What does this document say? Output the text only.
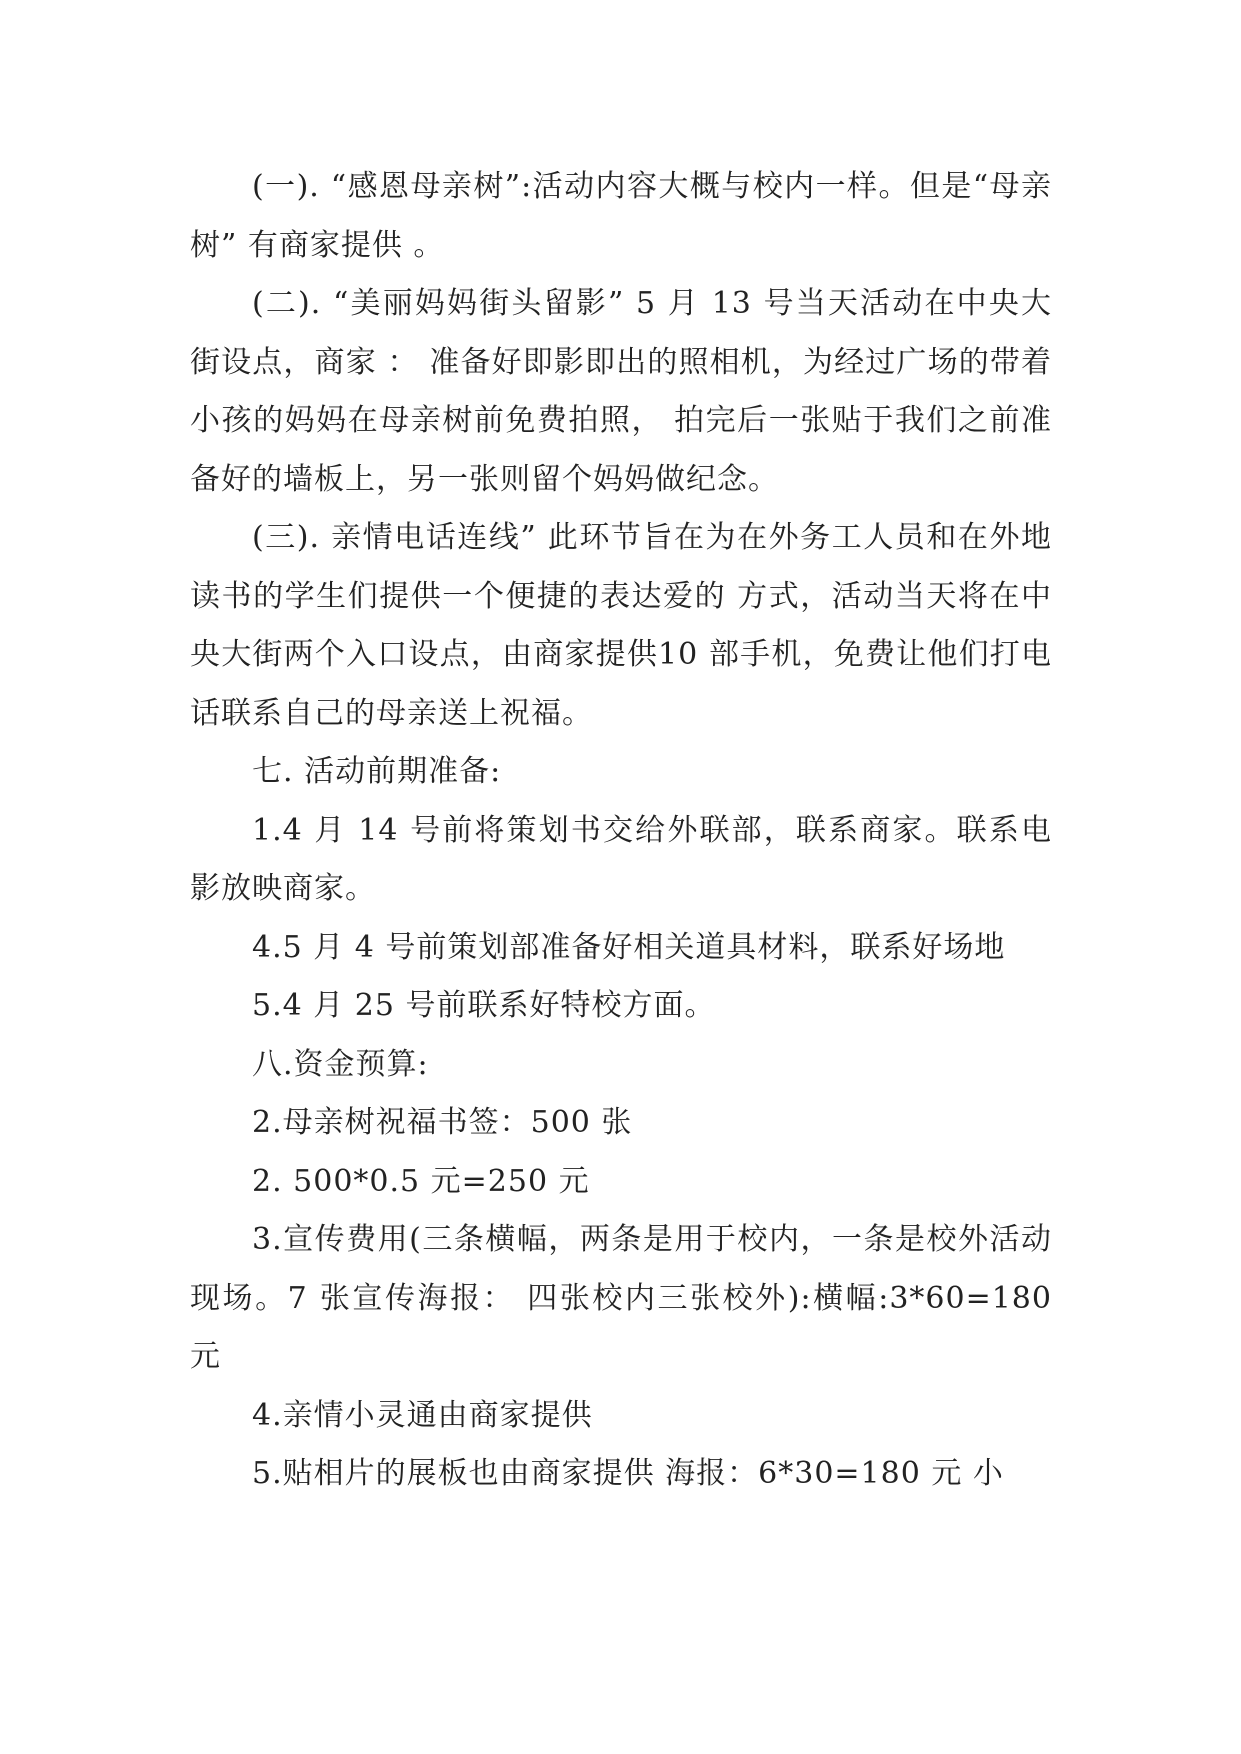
(一). “感恩母亲树”:活动内容大概与校内一样。但是“母亲树” 有商家提供 。

(二). “美丽妈妈街头留影” 5 月 13 号当天活动在中央大街设点，商家 ： 准备好即影即出的照相机，为经过广场的带着小孩的妈妈在母亲树前免费拍照， 拍完后一张贴于我们之前准备好的墙板上，另一张则留个妈妈做纪念。

(三). 亲情电话连线” 此环节旨在为在外务工人员和在外地读书的学生们提供一个便捷的表达爱的 方式，活动当天将在中央大街两个入口设点，由商家提供10 部手机，免费让他们打电话联系自己的母亲送上祝福。

七. 活动前期准备:

1.4 月 14 号前将策划书交给外联部，联系商家。联系电影放映商家。

4.5 月 4 号前策划部准备好相关道具材料，联系好场地

5.4 月 25 号前联系好特校方面。

八.资金预算:

2.母亲树祝福书签：500 张

2. 500*0.5 元=250 元

3.宣传费用(三条横幅，两条是用于校内，一条是校外活动现场。7 张宣传海报： 四张校内三张校外):横幅:3*60=180 元

4.亲情小灵通由商家提供

5.贴相片的展板也由商家提供 海报：6*30=180 元 小
